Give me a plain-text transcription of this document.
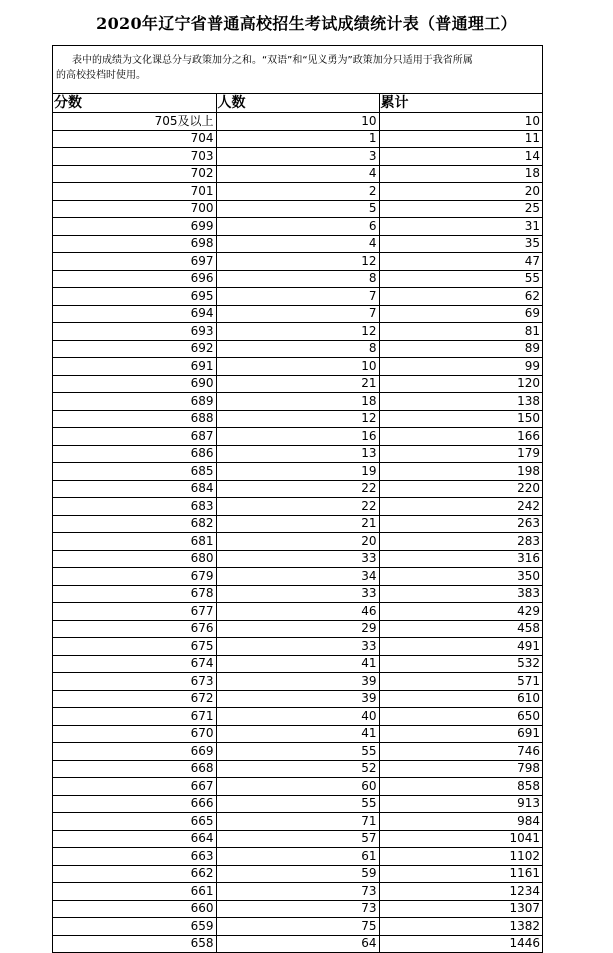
2020年辽宁省普通高校招生考试成绩统计表（普通理工）
表中的成绩为文化课总分与政策加分之和。“双语”和“见义勇为”政策加分只适用于我省所属
的高校投档时使用。
分数	人数	累计
705及以上	10	10
704	1	11
703	3	14
702	4	18
701	2	20
700	5	25
699	6	31
698	4	35
697	12	47
696	8	55
695	7	62
694	7	69
693	12	81
692	8	89
691	10	99
690	21	120
689	18	138
688	12	150
687	16	166
686	13	179
685	19	198
684	22	220
683	22	242
682	21	263
681	20	283
680	33	316
679	34	350
678	33	383
677	46	429
676	29	458
675	33	491
674	41	532
673	39	571
672	39	610
671	40	650
670	41	691
669	55	746
668	52	798
667	60	858
666	55	913
665	71	984
664	57	1041
663	61	1102
662	59	1161
661	73	1234
660	73	1307
659	75	1382
658	64	1446
